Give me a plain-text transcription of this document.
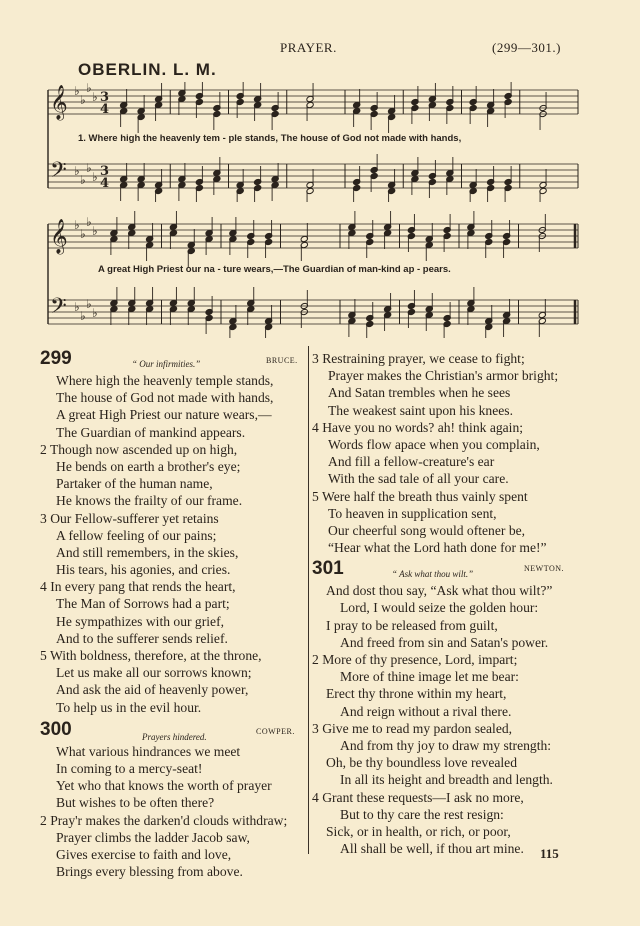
PRAYER.	(299—301.)
OBERLIN. L. M.
𝄞 ♭
♭
♭
♭ 3
4
𝄢 ♭
♭
♭
♭ 3
4
𝄞 ♭
♭
♭
♭
𝄢 ♭
♭
♭
♭
1. Where high the heavenly tem - ple stands, The house of God not made with hands,
A great High Priest our na - ture wears,—The Guardian of man-kind ap - pears.
299	“ Our infirmities.”	BRUCE.
Where high the heavenly temple stands,
The house of God not made with hands,
A great High Priest our nature wears,—
The Guardian of mankind appears.
2 Though now ascended up on high,
He bends on earth a brother's eye;
Partaker of the human name,
He knows the frailty of our frame.
3 Our Fellow-sufferer yet retains
A fellow feeling of our pains;
And still remembers, in the skies,
His tears, his agonies, and cries.
4 In every pang that rends the heart,
The Man of Sorrows had a part;
He sympathizes with our grief,
And to the sufferer sends relief.
5 With boldness, therefore, at the throne,
Let us make all our sorrows known;
And ask the aid of heavenly power,
To help us in the evil hour.
300	Prayers hindered.
COWPER.
What various hindrances we meet
In coming to a mercy-seat!
Yet who that knows the worth of prayer
But wishes to be often there?
2 Pray'r makes the darken'd clouds withdraw;
Prayer climbs the ladder Jacob saw,
Gives exercise to faith and love,
Brings every blessing from above.
3 Restraining prayer, we cease to fight;
Prayer makes the Christian's armor bright;
And Satan trembles when he sees
The weakest saint upon his knees.
4 Have you no words? ah! think again;
Words flow apace when you complain,
And fill a fellow-creature's ear
With the sad tale of all your care.
5 Were half the breath thus vainly spent
To heaven in supplication sent,
Our cheerful song would oftener be,
“Hear what the Lord hath done for me!”
301	“ Ask what thou wilt.”
NEWTON.
And dost thou say, “Ask what thou wilt?”
Lord, I would seize the golden hour:
I pray to be released from guilt,
And freed from sin and Satan's power.
2 More of thy presence, Lord, impart;
More of thine image let me bear:
Erect thy throne within my heart,
And reign without a rival there.
3 Give me to read my pardon sealed,
And from thy joy to draw my strength:
Oh, be thy boundless love revealed
In all its height and breadth and length.
4 Grant these requests—I ask no more,
But to thy care the rest resign:
Sick, or in health, or rich, or poor,
All shall be well, if thou art mine.	115
